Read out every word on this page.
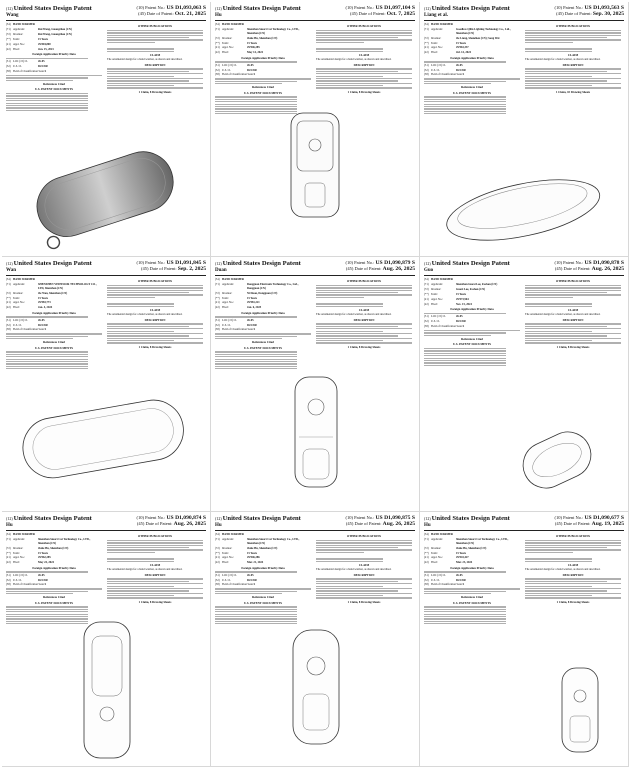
(12)United States Design Patent
Wang
(10) Patent No.: US D1,093,063 S
(45) Date of Patent: Oct. 21, 2025
(54) HAND WARMER
(71) Applicant:	Rui Wang, Guangzhou (CN)
(72) Inventor:	Rui Wang, Guangzhou (CN)
(**) Term:	15 Years
(21) Appl. No.:	29/004,800
(22) Filed:	Jun. 15, 2023
Foreign Application Priority Data
(51) LOC (15) Cl.	26-05
(52) U.S. Cl.	D23/340
(58) Field of Classification Search
References Cited
U.S. PATENT DOCUMENTS
OTHER PUBLICATIONS
CLAIM
The ornamental design for a hand warmer, as shown and described.
DESCRIPTION
1 Claim, 8 Drawing Sheets
(12)United States Design Patent
Hu
(10) Patent No.: US D1,097,104 S
(45) Date of Patent: Oct. 7, 2025
(54) HAND WARMER
(71) Applicant:	Shenzhen Smart Car Technology Co., LTD., Shenzhen (CN)
(72) Inventor:	Jiahe Hu, Shenzhen (CN)
(**) Term:	15 Years
(21) Appl. No.:	29/946,285
(22) Filed:	May 14, 2024
Foreign Application Priority Data
(51) LOC (15) Cl.	26-05
(52) U.S. Cl.	D23/340
(58) Field of Classification Search
References Cited
U.S. PATENT DOCUMENTS
OTHER PUBLICATIONS
CLAIM
The ornamental design for a hand warmer, as shown and described.
DESCRIPTION
1 Claim, 8 Drawing Sheets
(12)United States Design Patent
Liang et al.
(10) Patent No.: US D1,093,563 S
(45) Date of Patent: Sep. 30, 2025
(54) HAND WARMER
(71) Applicant:	Goodlow Qilin Lighting Technology Co., Ltd., Shenzhen (CN)
(72) Inventor:	Jie Liang, Shenzhen (CN); Song Wei
(**) Term:	15 Years
(21) Appl. No.:	29/963,337
(22) Filed:	Jul. 14, 2024
Foreign Application Priority Data
(51) LOC (15) Cl.	26-05
(52) U.S. Cl.	D23/340
(58) Field of Classification Search
References Cited
U.S. PATENT DOCUMENTS
OTHER PUBLICATIONS
CLAIM
The ornamental design for a hand warmer, as shown and described.
DESCRIPTION
1 Claim, 10 Drawing Sheets
(12)United States Design Patent
Wan
(10) Patent No.: US D1,091,845 S
(45) Date of Patent: Sep. 2, 2025
(54) HAND WARMER
(71) Applicant:	SHENZHEN VINEEOOR TECHNOLOGY CO., LTD, Shenzhen (CN)
(72) Inventor:	Jie Wan, Shenzhen (CN)
(**) Term:	15 Years
(21) Appl. No.:	29/983,773
(22) Filed:	Jan. 4, 2024
Foreign Application Priority Data
(51) LOC (15) Cl.	26-05
(52) U.S. Cl.	D23/340
(58) Field of Classification Search
References Cited
U.S. PATENT DOCUMENTS
OTHER PUBLICATIONS
CLAIM
The ornamental design for a hand warmer, as shown and described.
DESCRIPTION
1 Claim, 8 Drawing Sheets
(12)United States Design Patent
Duan
(10) Patent No.: US D1,090,879 S
(45) Date of Patent: Aug. 26, 2025
(54) HAND WARMER
(71) Applicant:	Dongguan Electronic Technology Co., Ltd., Dongguan (CN)
(72) Inventor:	Ni Duan, Dongguan (CN)
(**) Term:	15 Years
(21) Appl. No.:	29/981,221
(22) Filed:	Jan. 6, 2025
Foreign Application Priority Data
(51) LOC (15) Cl.	26-05
(52) U.S. Cl.	D23/340
(58) Field of Classification Search
References Cited
U.S. PATENT DOCUMENTS
OTHER PUBLICATIONS
CLAIM
The ornamental design for a hand warmer, as shown and described.
DESCRIPTION
1 Claim, 8 Drawing Sheets
(12)United States Design Patent
Guo
(10) Patent No.: US D1,090,878 S
(45) Date of Patent: Aug. 26, 2025
(54) HAND WARMER
(71) Applicant:	Shenzhen Guoxi Lee, Foshan (CN)
(72) Inventor:	Guoxi Lee, Foshan (CN)
(**) Term:	15 Years
(21) Appl. No.:	29/973,964
(22) Filed:	Nov. 15, 2024
Foreign Application Priority Data
(51) LOC (15) Cl.	26-05
(52) U.S. Cl.	D23/340
(58) Field of Classification Search
References Cited
U.S. PATENT DOCUMENTS
OTHER PUBLICATIONS
CLAIM
The ornamental design for a hand warmer, as shown and described.
DESCRIPTION
1 Claim, 8 Drawing Sheets
(12)United States Design Patent
Hu
(10) Patent No.: US D1,090,874 S
(45) Date of Patent: Aug. 26, 2025
(54) HAND WARMER
(71) Applicant:	Shenzhen Smart Car Technology Co., LTD., Shenzhen (CN)
(72) Inventor:	Jiahe Hu, Shenzhen (CN)
(**) Term:	15 Years
(21) Appl. No.:	29/962,285
(22) Filed:	May 24, 2024
Foreign Application Priority Data
(51) LOC (15) Cl.	26-05
(52) U.S. Cl.	D23/340
(58) Field of Classification Search
References Cited
U.S. PATENT DOCUMENTS
OTHER PUBLICATIONS
CLAIM
The ornamental design for a hand warmer, as shown and described.
DESCRIPTION
1 Claim, 8 Drawing Sheets
(12)United States Design Patent
Hu
(10) Patent No.: US D1,090,875 S
(45) Date of Patent: Aug. 26, 2025
(54) HAND WARMER
(71) Applicant:	Shenzhen Smart Car Technology Co., LTD., Shenzhen (CN)
(72) Inventor:	Jiahe Hu, Shenzhen (CN)
(**) Term:	15 Years
(21) Appl. No.:	29/946,286
(22) Filed:	Mar. 21, 2024
Foreign Application Priority Data
(51) LOC (15) Cl.	26-05
(52) U.S. Cl.	D23/340
(58) Field of Classification Search
References Cited
U.S. PATENT DOCUMENTS
OTHER PUBLICATIONS
CLAIM
The ornamental design for a hand warmer, as shown and described.
DESCRIPTION
1 Claim, 8 Drawing Sheets
(12)United States Design Patent
Hu
(10) Patent No.: US D1,090,677 S
(45) Date of Patent: Aug. 19, 2025
(54) HAND WARMER
(71) Applicant:	Shenzhen Smart Car Technology Co., LTD., Shenzhen (CN)
(72) Inventor:	Jiahe Hu, Shenzhen (CN)
(**) Term:	15 Years
(21) Appl. No.:	29/943,427
(22) Filed:	Mar. 23, 2024
Foreign Application Priority Data
(51) LOC (15) Cl.	26-05
(52) U.S. Cl.	D23/340
(58) Field of Classification Search
References Cited
U.S. PATENT DOCUMENTS
OTHER PUBLICATIONS
CLAIM
The ornamental design for a hand warmer, as shown and described.
DESCRIPTION
1 Claim, 8 Drawing Sheets
